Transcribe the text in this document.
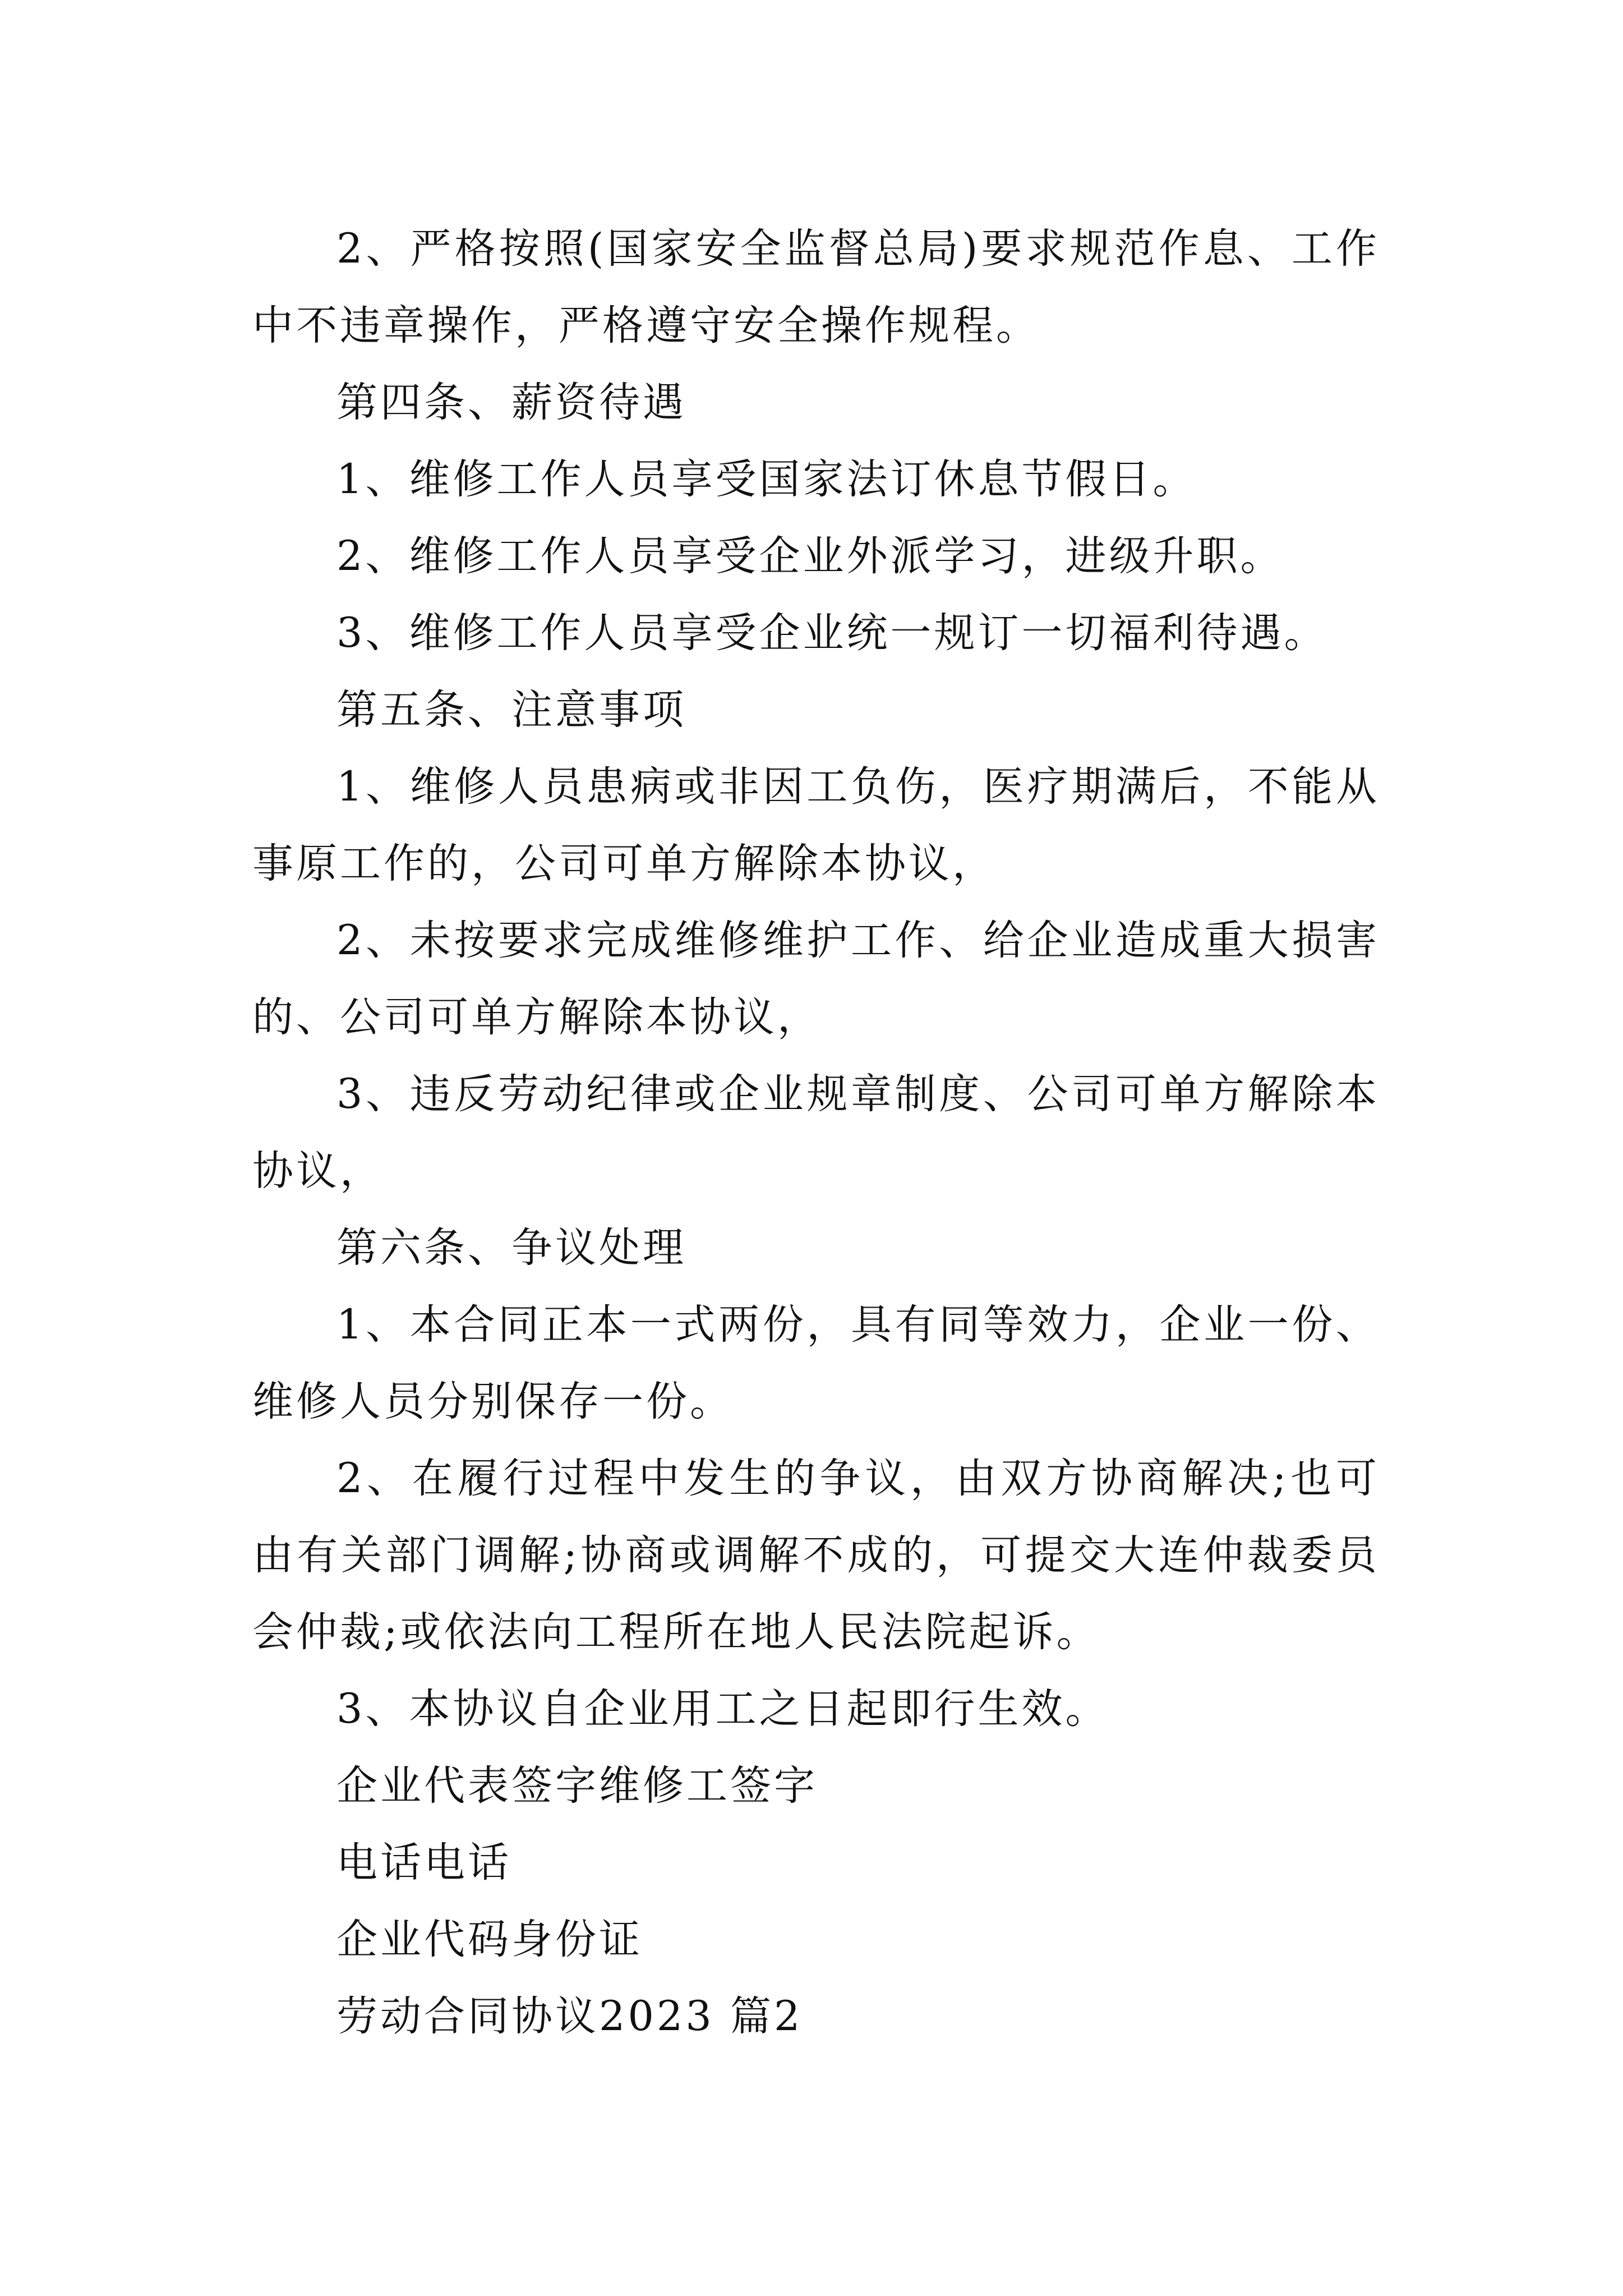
2、严格按照(国家安全监督总局)要求规范作息、工作中不违章操作，严格遵守安全操作规程。

第四条、薪资待遇

1、维修工作人员享受国家法订休息节假日。

2、维修工作人员享受企业外派学习，进级升职。

3、维修工作人员享受企业统一规订一切福利待遇。

第五条、注意事项

1、维修人员患病或非因工负伤，医疗期满后，不能从事原工作的，公司可单方解除本协议，

2、未按要求完成维修维护工作、给企业造成重大损害的、公司可单方解除本协议，

3、违反劳动纪律或企业规章制度、公司可单方解除本协议，

第六条、争议处理

1、本合同正本一式两份，具有同等效力，企业一份、维修人员分别保存一份。

2、在履行过程中发生的争议，由双方协商解决;也可由有关部门调解;协商或调解不成的，可提交大连仲裁委员会仲裁;或依法向工程所在地人民法院起诉。

3、本协议自企业用工之日起即行生效。

企业代表签字维修工签字

电话电话

企业代码身份证

劳动合同协议2023 篇2
